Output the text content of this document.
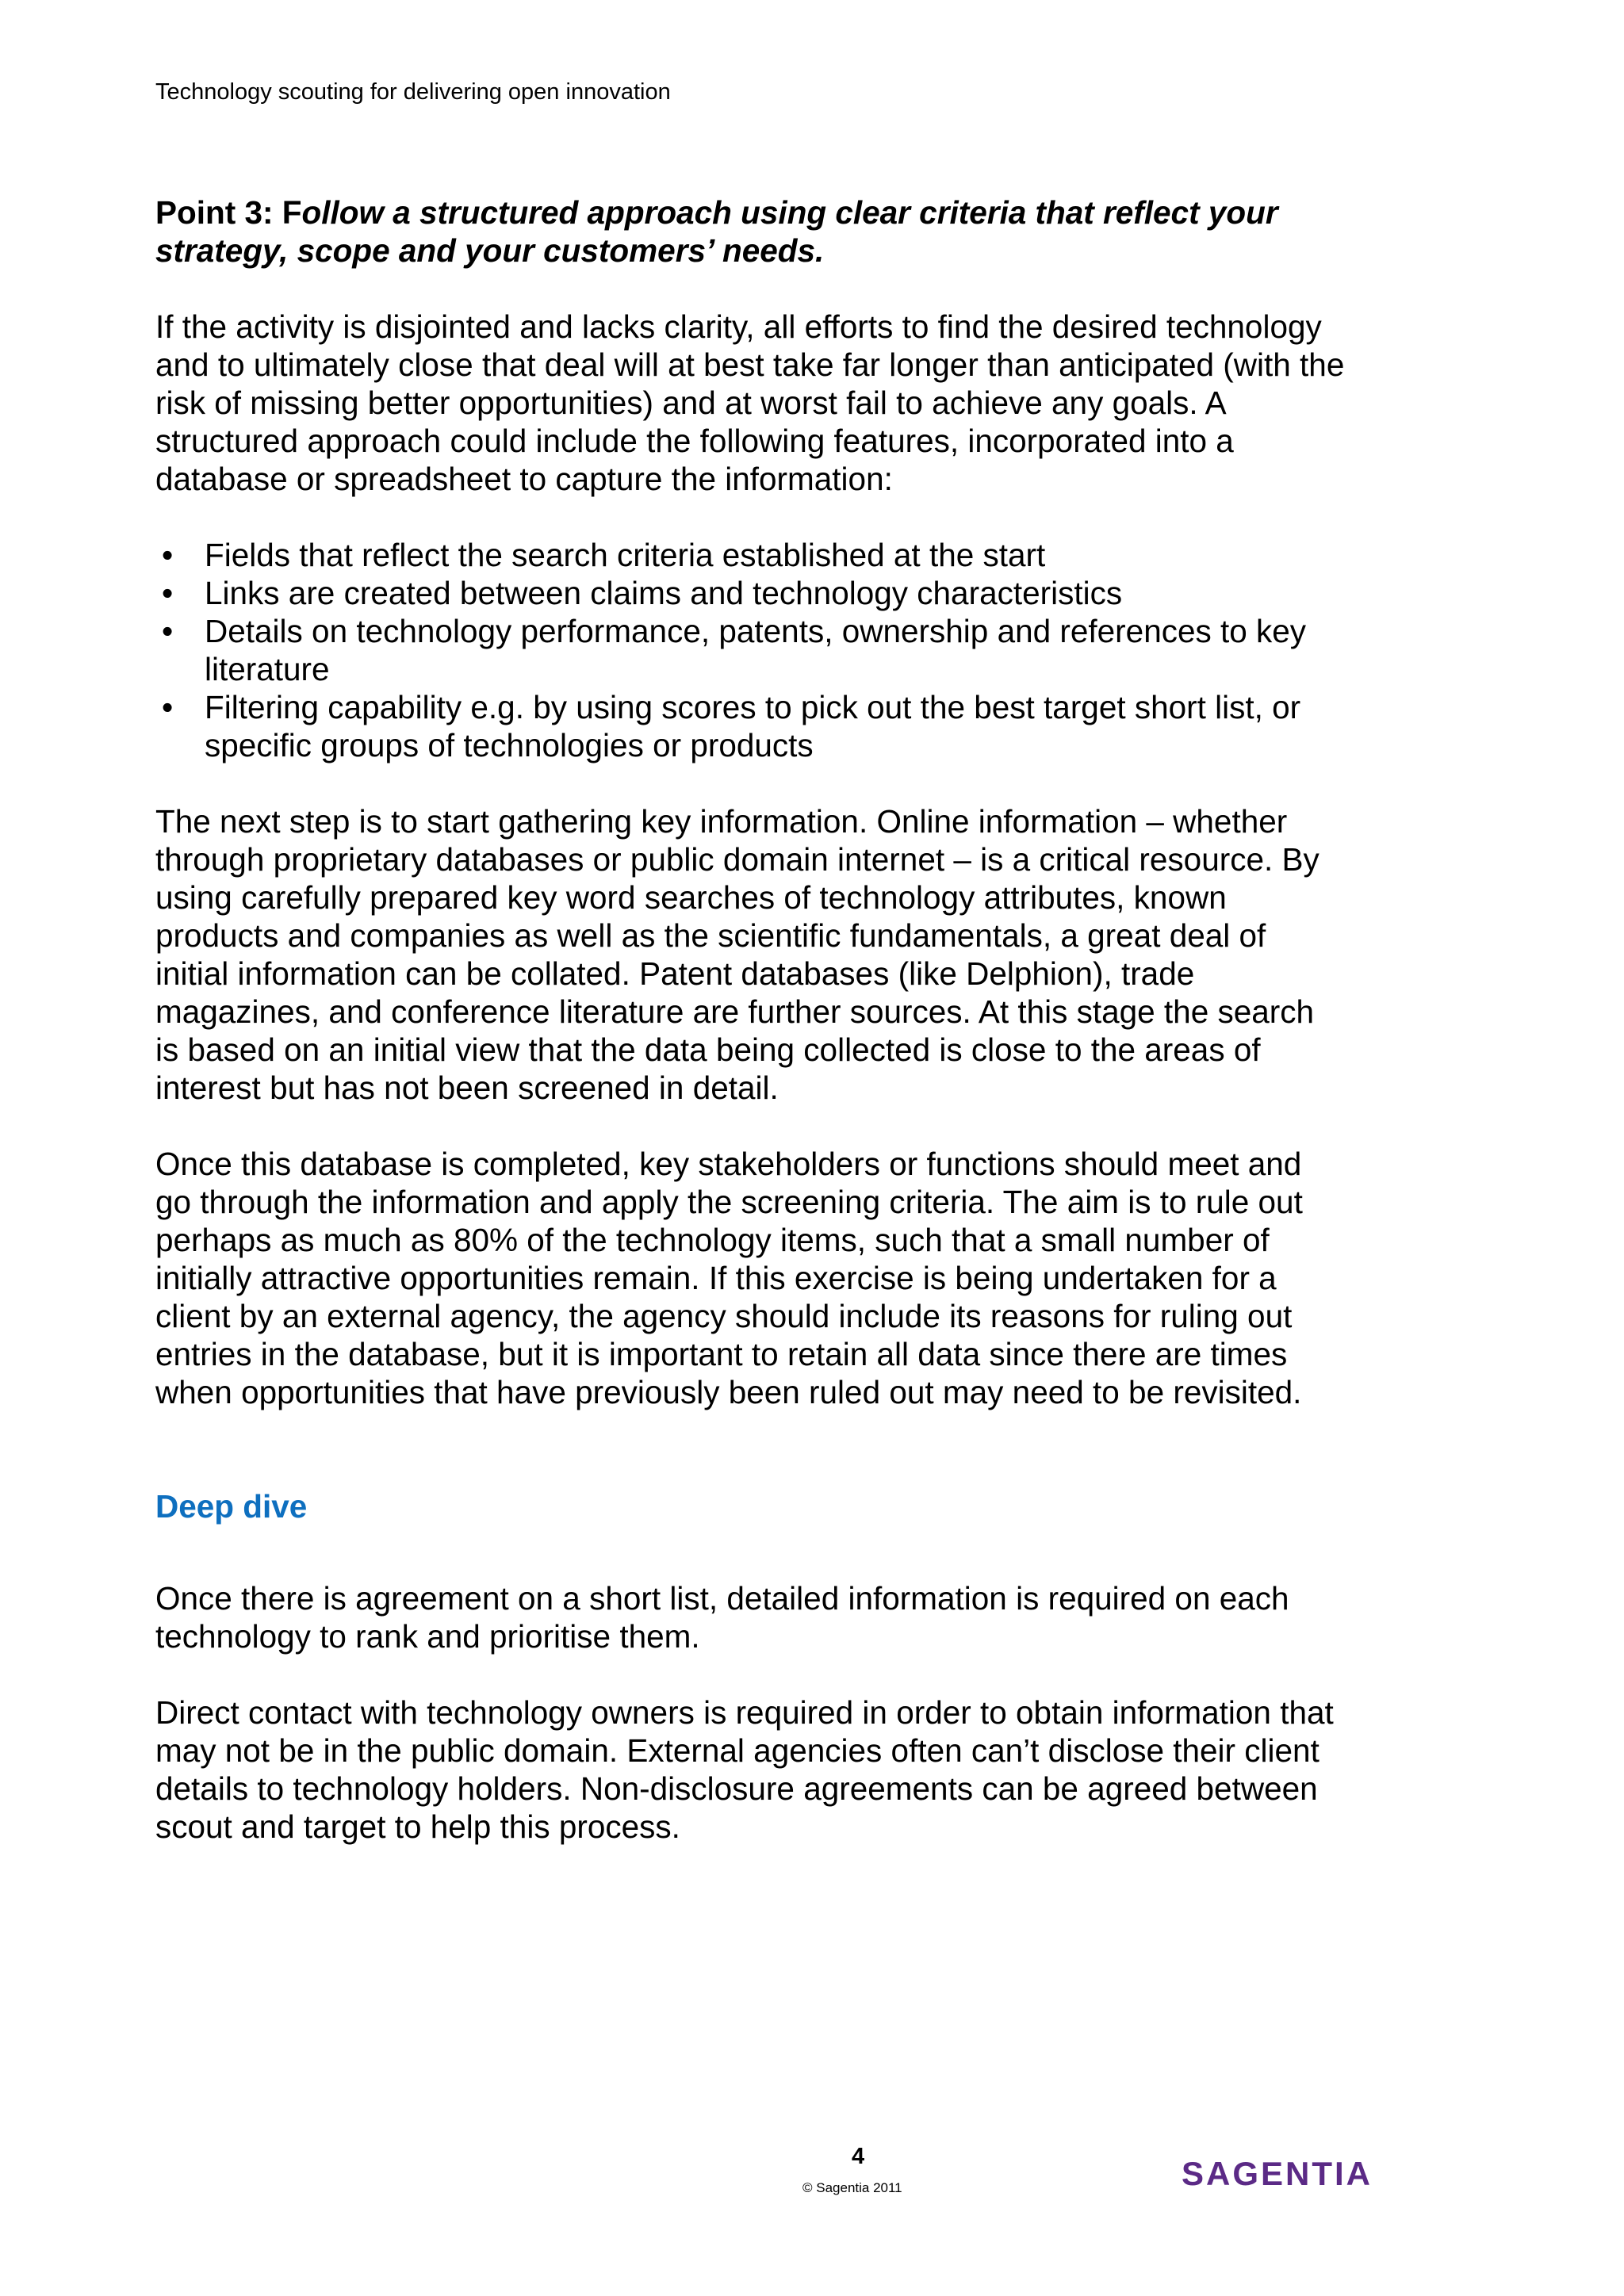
Technology scouting for delivering open innovation
Point 3: Follow a structured approach using clear criteria that reflect your strategy, scope and your customers’ needs.

If the activity is disjointed and lacks clarity, all efforts to find the desired technology and to ultimately close that deal will at best take far longer than anticipated (with the risk of missing better opportunities) and at worst fail to achieve any goals. A structured approach could include the following features, incorporated into a database or spreadsheet to capture the information:

• Fields that reflect the search criteria established at the start
• Links are created between claims and technology characteristics
• Details on technology performance, patents, ownership and references to key literature
• Filtering capability e.g. by using scores to pick out the best target short list, or specific groups of technologies or products

The next step is to start gathering key information. Online information – whether through proprietary databases or public domain internet – is a critical resource. By using carefully prepared key word searches of technology attributes, known products and companies as well as the scientific fundamentals, a great deal of initial information can be collated. Patent databases (like Delphion), trade magazines, and conference literature are further sources. At this stage the search is based on an initial view that the data being collected is close to the areas of interest but has not been screened in detail.

Once this database is completed, key stakeholders or functions should meet and go through the information and apply the screening criteria. The aim is to rule out perhaps as much as 80% of the technology items, such that a small number of initially attractive opportunities remain. If this exercise is being undertaken for a client by an external agency, the agency should include its reasons for ruling out entries in the database, but it is important to retain all data since there are times when opportunities that have previously been ruled out may need to be revisited.

Deep dive

Once there is agreement on a short list, detailed information is required on each technology to rank and prioritise them.

Direct contact with technology owners is required in order to obtain information that may not be in the public domain. External agencies often can’t disclose their client details to technology holders. Non-disclosure agreements can be agreed between scout and target to help this process.

4
© Sagentia 2011	SAGENTIA
